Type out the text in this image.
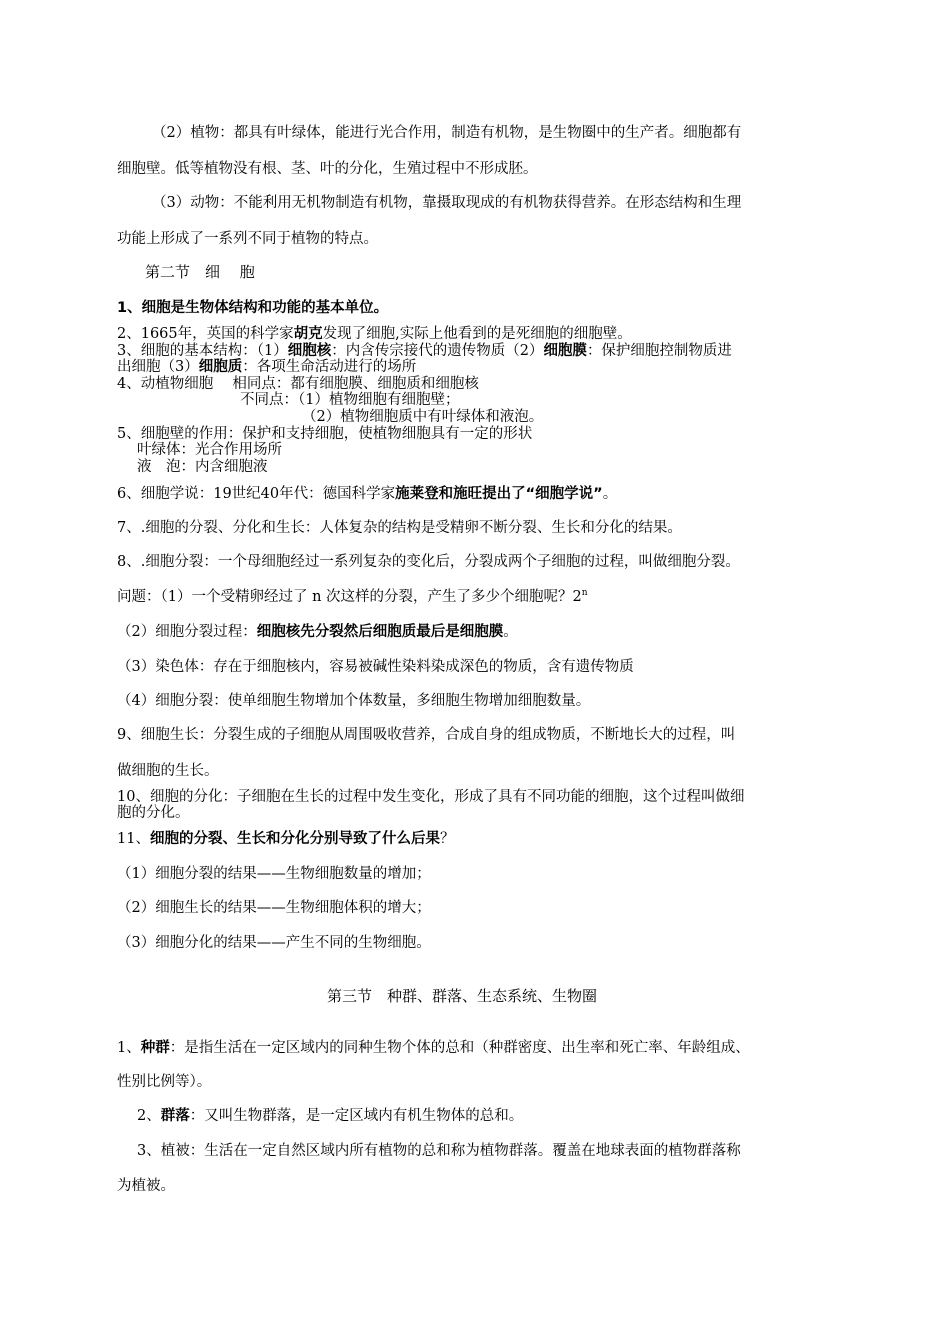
（2）植物：都具有叶绿体，能进行光合作用，制造有机物，是生物圈中的生产者。细胞都有
细胞壁。低等植物没有根、茎、叶的分化，生殖过程中不形成胚。
（3）动物：不能利用无机物制造有机物，靠摄取现成的有机物获得营养。在形态结构和生理
功能上形成了一系列不同于植物的特点。
第二节　细　 胞
1、细胞是生物体结构和功能的基本单位。
2、1665年，英国的科学家胡克发现了细胞,实际上他看到的是死细胞的细胞壁。
3、细胞的基本结构：（1）细胞核：内含传宗接代的遗传物质（2）细胞膜：保护细胞控制物质进
出细胞（3）细胞质：各项生命活动进行的场所
4、动植物细胞　 相同点：都有细胞膜、细胞质和细胞核
不同点：（1）植物细胞有细胞壁；
（2）植物细胞质中有叶绿体和液泡。
5、细胞壁的作用：保护和支持细胞，使植物细胞具有一定的形状
叶绿体：光合作用场所
液　泡：内含细胞液
6、细胞学说：19世纪40年代：德国科学家施莱登和施旺提出了“细胞学说”。
7、.细胞的分裂、分化和生长：人体复杂的结构是受精卵不断分裂、生长和分化的结果。
8、.细胞分裂：一个母细胞经过一系列复杂的变化后，分裂成两个子细胞的过程，叫做细胞分裂。
问题：（1）一个受精卵经过了 n 次这样的分裂，产生了多少个细胞呢？2$^n$
（2）细胞分裂过程：细胞核先分裂然后细胞质最后是细胞膜。
（3）染色体：存在于细胞核内，容易被碱性染料染成深色的物质，含有遗传物质
（4）细胞分裂：使单细胞生物增加个体数量，多细胞生物增加细胞数量。
9、细胞生长：分裂生成的子细胞从周围吸收营养，合成自身的组成物质，不断地长大的过程，叫
做细胞的生长。
10、细胞的分化：子细胞在生长的过程中发生变化，形成了具有不同功能的细胞，这个过程叫做细
胞的分化。
11、细胞的分裂、生长和分化分别导致了什么后果？
（1）细胞分裂的结果——生物细胞数量的增加；
（2）细胞生长的结果——生物细胞体积的增大；
（3）细胞分化的结果——产生不同的生物细胞。
第三节　种群、群落、生态系统、生物圈
1、种群：是指生活在一定区域内的同种生物个体的总和（种群密度、出生率和死亡率、年龄组成、
性别比例等）。
2、群落：又叫生物群落，是一定区域内有机生物体的总和。
3、植被：生活在一定自然区域内所有植物的总和称为植物群落。覆盖在地球表面的植物群落称
为植被。
